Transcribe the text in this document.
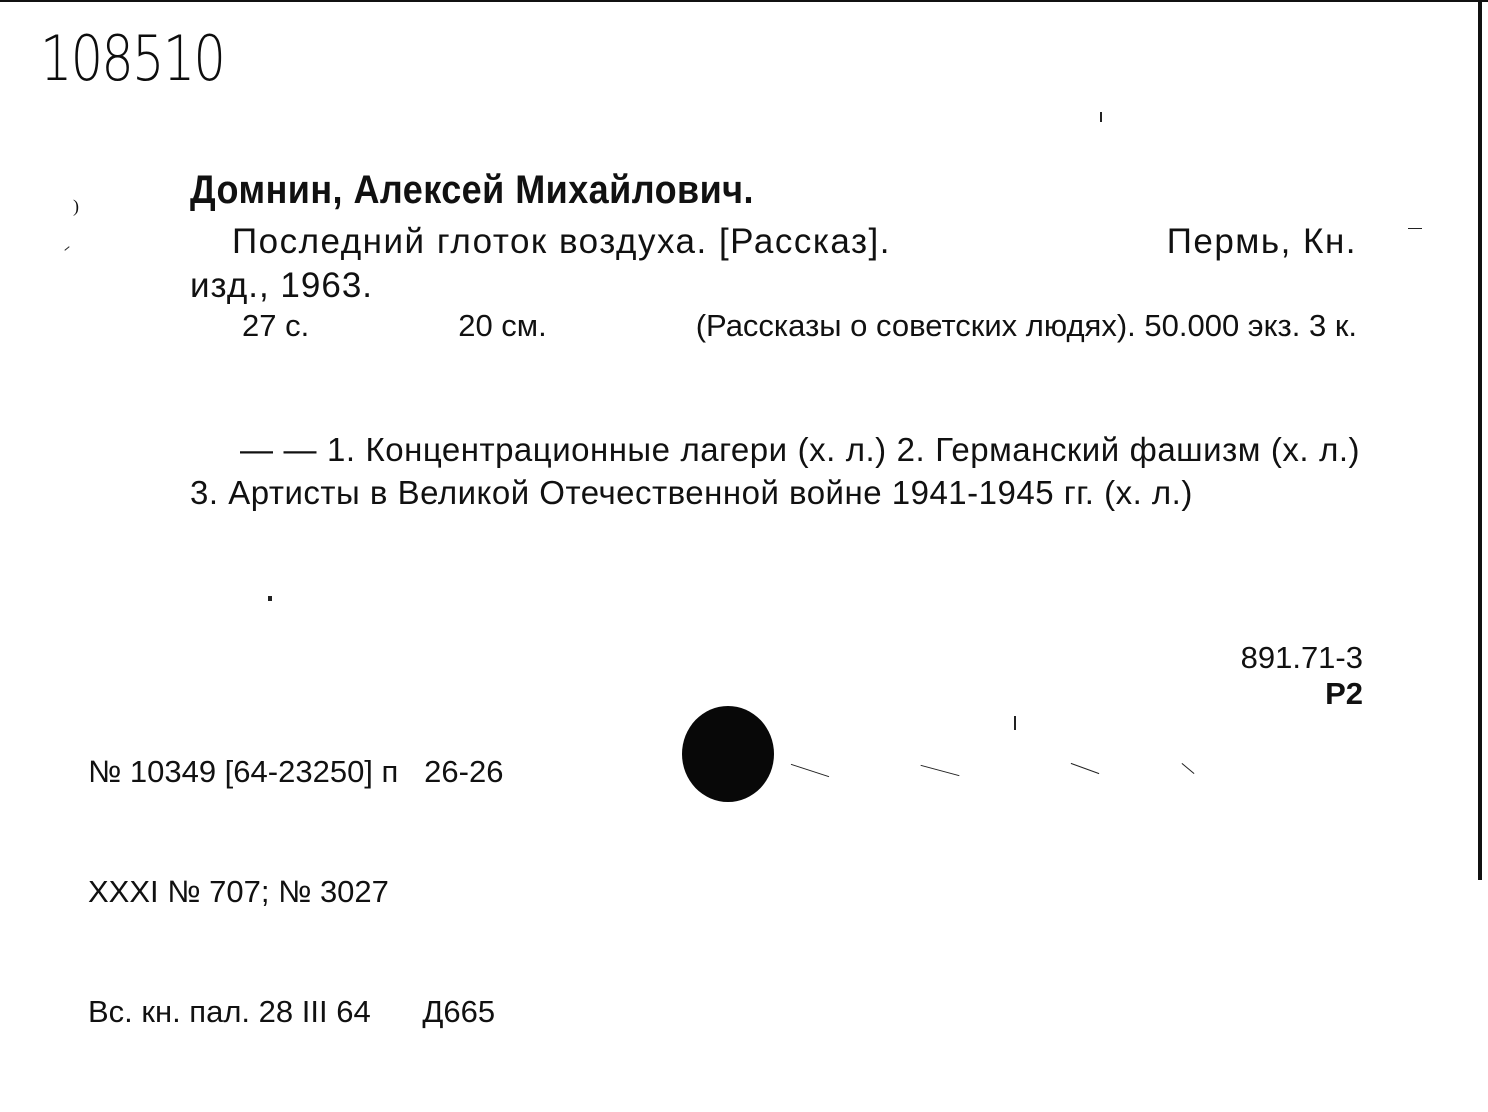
108510
)	Домнин, Алексей Михайлович.
Последний глоток воздуха. [Рассказ].	Пермь, Кн.
изд., 1963.
27 с.	20 см.	(Рассказы о советских людях). 50.000 экз. 3 к.
— — 1. Концентрационные лагери (х. л.) 2. Германский фашизм (х. л.) 3. Артисты в Великой Отечественной войне 1941-1945 гг. (х. л.)
891.71-3
Р2

№ 10349 [64-23250] п   26-26

XXXI № 707; № 3027

Вс. кн. пал. 28 III 64      Д665
